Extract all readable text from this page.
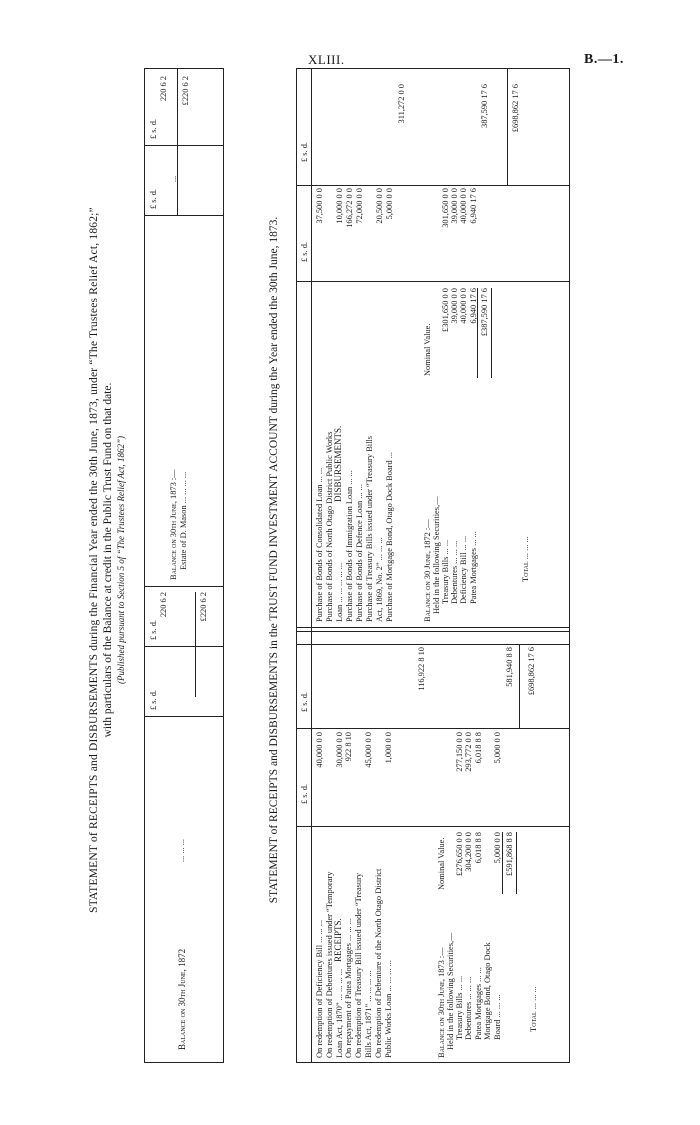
XLIII.	B.—1.
STATEMENT of RECEIPTS and DISBURSEMENTS during the Financial Year ended the 30th June, 1873, under “The Trustees Relief Act, 1862;” with particulars of the Balance at credit in the Public Trust Fund on that date. (Published pursuant to Section 5 of “The Trustees Relief Act, 1862”)
£ s. d.
£ s. d.
£ s. d.
£ s. d.
Balance on 30th June, 1872
... ... ...
220 6 2	£220 6 2
Balance on 30th June, 1873 :— Estate of D. Mason ... ... ... ...
...
220 6 2 £220 6 2
STATEMENT of RECEIPTS and DISBURSEMENTS in the TRUST FUND INVESTMENT ACCOUNT during the Year ended the 30th June, 1873. £ s. d.
£ s. d.
£ s. d.
£ s. d.
RECEIPTS.
On redemption of Deficiency Bill ... ... ...
40,000 0 0
On redemption of Debentures issued under “Temporary Loan Act, 1870” ... ... ... ...
30,000 0 0
On repayment of Patea Mortgages ... ... ...
922 8 10
On redemption of Treasury Bill issued under “Treasury Bills Act, 1871” ... ... ... ...
45,000 0 0
On redemption of Debenture of the North Otago District Public Works Loan ... ... ... ...
1,000 0 0
116,922 8 10
Balance on 30th June, 1873 :— Held in the following Securities,—
Nominal Value.
Treasury Bills ... ...
£276,650 0 0
277,150 0 0
Debentures ... ... ...
304,200 0 0
293,772 0 0
Patea Mortgages ... ...
6,018 8 8
6,018 8 8
Mortgage Bond, Otago Dock Board ... ... ...
5,000 0 0
5,000 0 0
£591,868 8 8
581,940 8 8
Total ... ... ...
£698,862 17 6
DISBURSEMENTS.
Purchase of Bonds of Consolidated Loan ... ...
37,500 0 0
Purchase of Bonds of North Otago District Public Works Loan ... ... ... ... ...
10,000 0 0
Purchase of Bonds of Immigration Loan ... ...
166,272 0 0
Purchase of Bonds of Defence Loan ... ...
72,000 0 0
Purchase of Treasury Bills issued under “Treasury Bills Act, 1869, No. 2” ... ... ...
20,500 0 0
Purchase of Mortgage Bond, Otago Dock Board ...
5,000 0 0
311,272 0 0
Balance on 30 June, 1872 :— Held in the following Securities,—
Nominal Value.
Treasury Bills ... ...
£301,650 0 0
301,650 0 0
Debentures ... ... ...
39,000 0 0
39,000 0 0
Deficiency Bill ... ...
40,000 0 0
40,000 0 0
Patea Mortgages ... ...
6,940 17 6
6,940 17 6
£387,590 17 6
387,590 17 6
Total ... ... ...
£698,862 17 6
